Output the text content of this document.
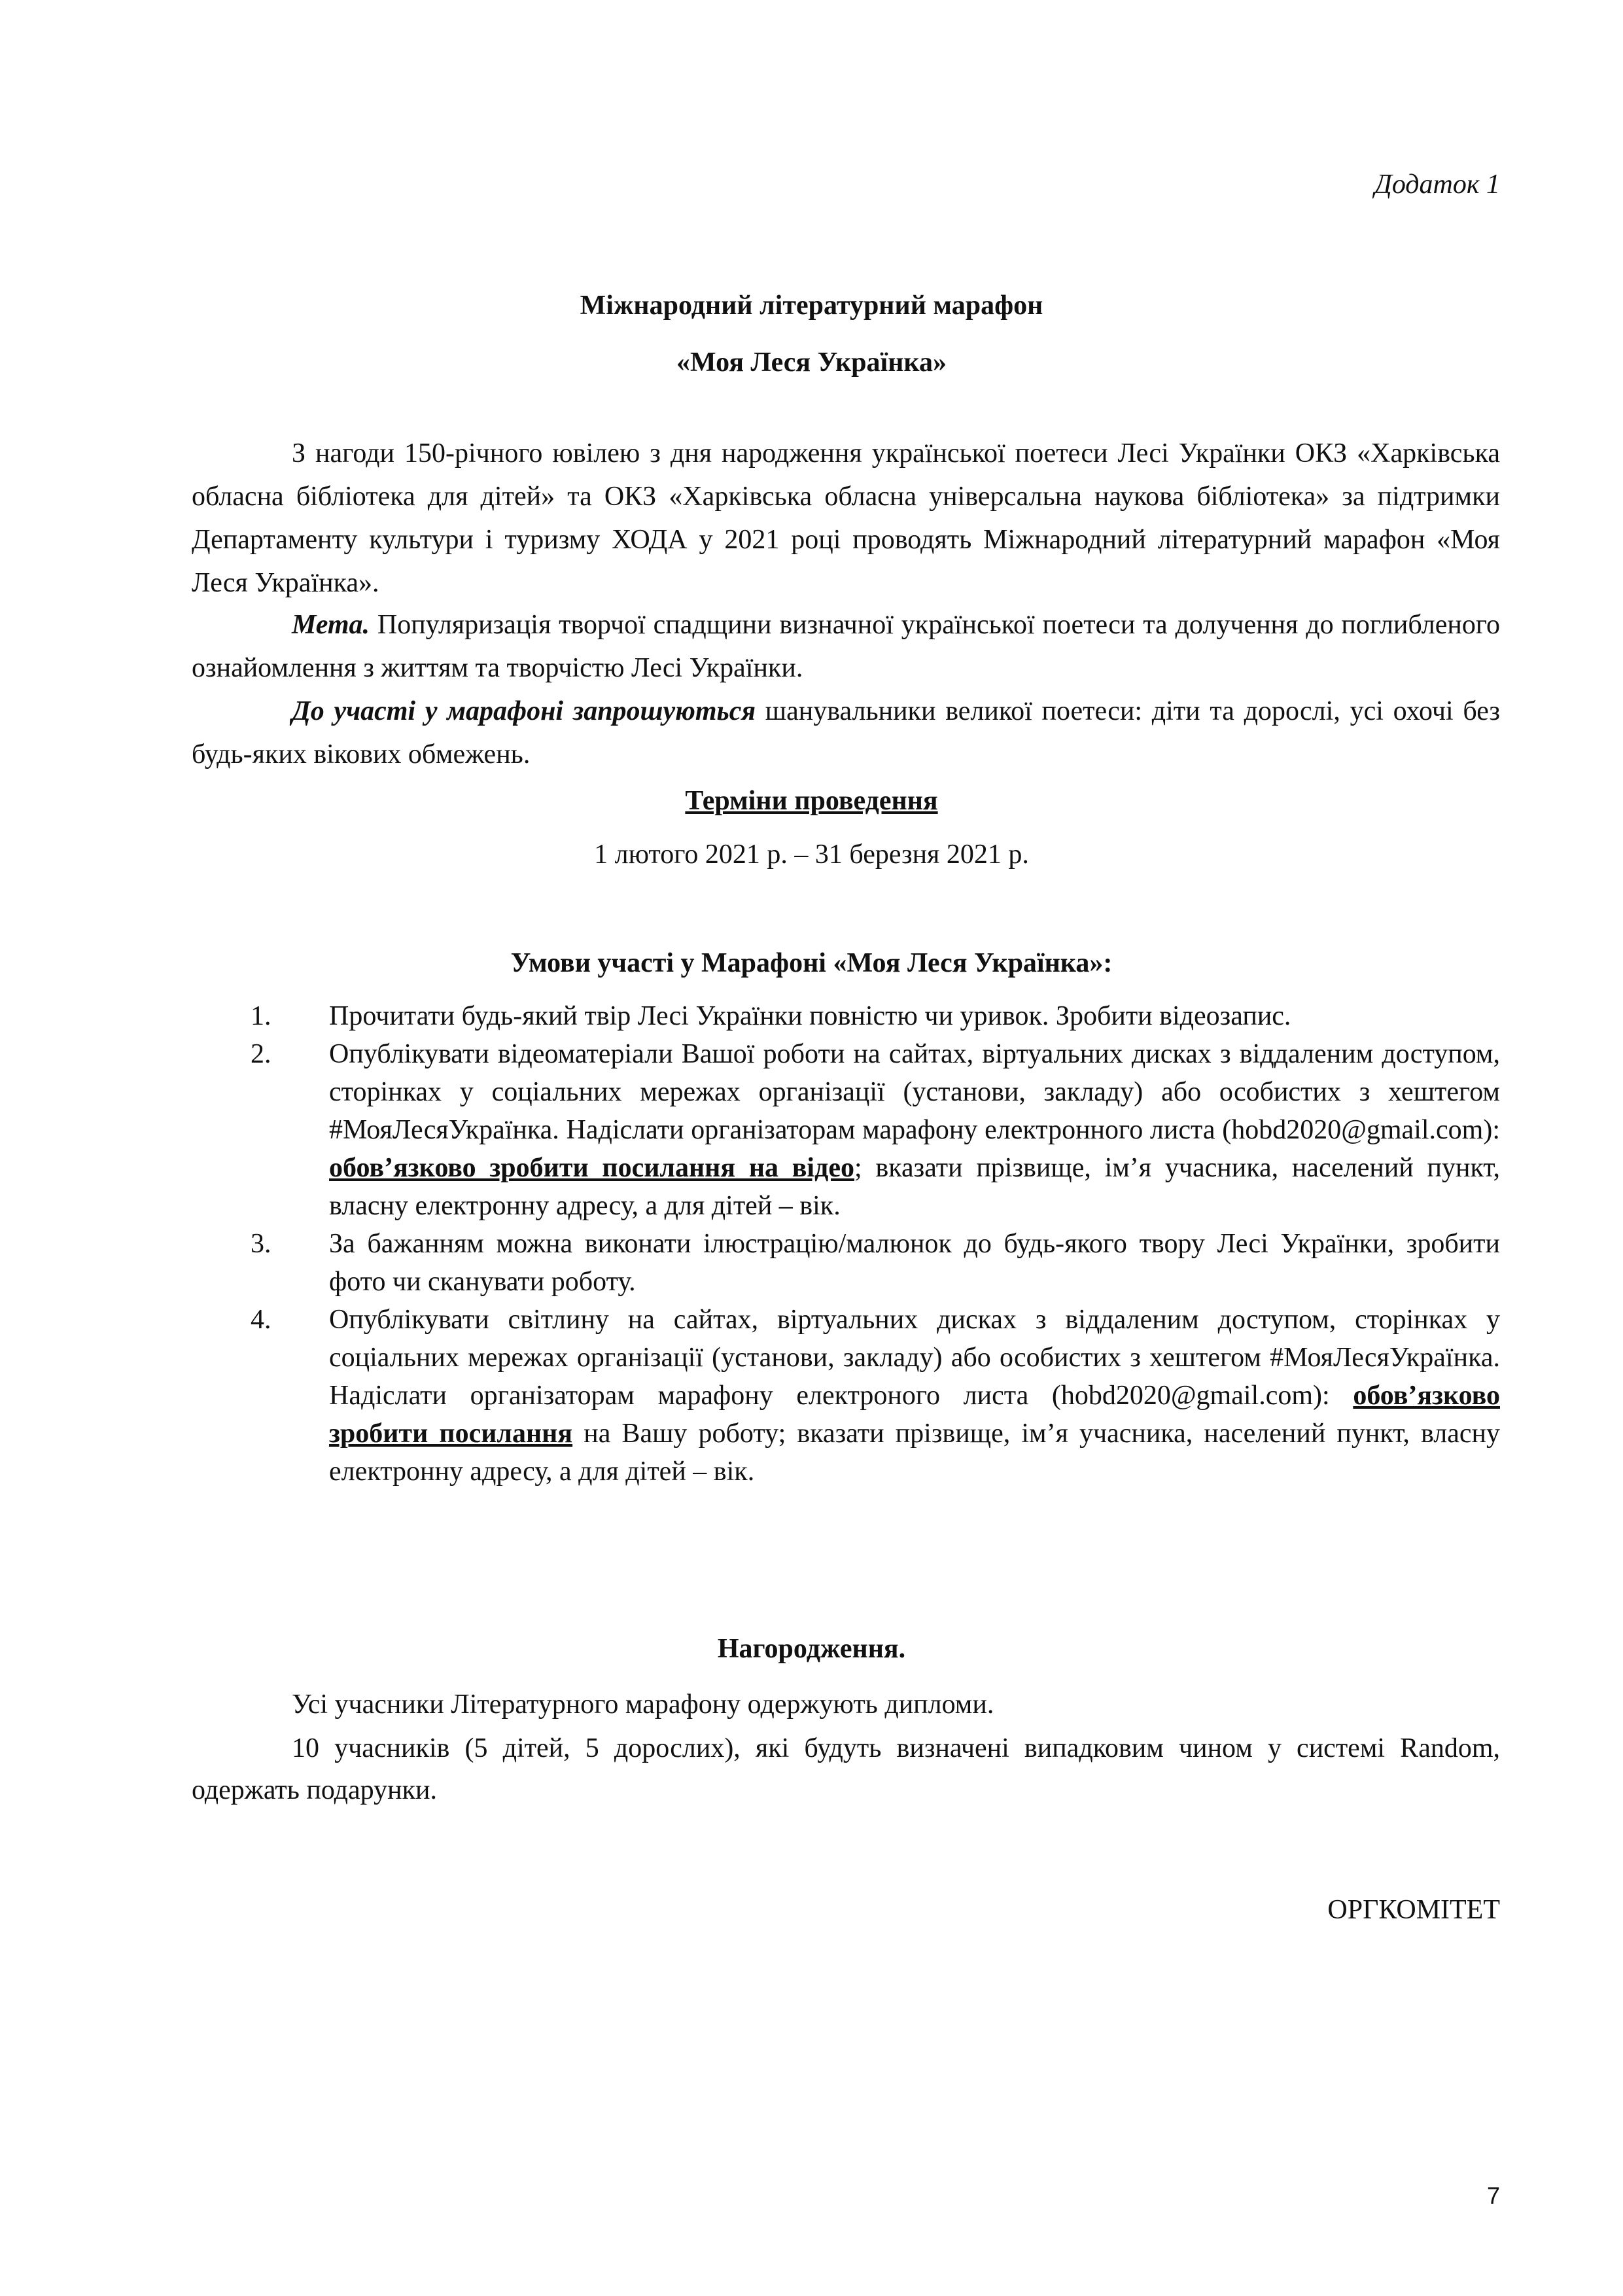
Додаток 1
Міжнародний літературний марафон
«Моя Леся Українка»

З нагоди 150-річного ювілею з дня народження української поетеси Лесі Українки ОКЗ «Харківська обласна бібліотека для дітей» та ОКЗ «Харківська обласна універсальна наукова бібліотека» за підтримки Департаменту культури і туризму ХОДА у 2021 році проводять Міжнародний літературний марафон «Моя Леся Українка».

Мета. Популяризація творчої спадщини визначної української поетеси та долучення до поглибленого ознайомлення з життям та творчістю Лесі Українки.

До участі у марафоні запрошуються шанувальники великої поетеси: діти та дорослі, усі охочі без будь-яких вікових обмежень.

Терміни проведення
1 лютого 2021 р. – 31 березня 2021 р.
Умови участі у Марафоні «Моя Леся Українка»:
1. Прочитати будь-який твір Лесі Українки повністю чи уривок. Зробити відеозапис.
2. Опублікувати відеоматеріали Вашої роботи на сайтах, віртуальних дисках з віддаленим доступом, сторінках у соціальних мережах організації (установи, закладу) або особистих з хештегом #МояЛесяУкраїнка. Надіслати організаторам марафону електронного листа (hobd2020@gmail.com): обов’язково зробити посилання на відео; вказати прізвище, ім’я учасника, населений пункт, власну електронну адресу, а для дітей – вік.
3. За бажанням можна виконати ілюстрацію/малюнок до будь-якого твору Лесі Українки, зробити фото чи сканувати роботу.
4. Опублікувати світлину на сайтах, віртуальних дисках з віддаленим доступом, сторінках у соціальних мережах організації (установи, закладу) або особистих з хештегом #МояЛесяУкраїнка. Надіслати організаторам марафону електроного листа (hobd2020@gmail.com): обов’язково зробити посилання на Вашу роботу; вказати прізвище, ім’я учасника, населений пункт, власну електронну адресу, а для дітей – вік.
Нагородження.

Усі учасники Літературного марафону одержують дипломи.

10 учасників (5 дітей, 5 дорослих), які будуть визначені випадковим чином у системі Random, одержать подарунки.

ОРГКОМІТЕТ
7
